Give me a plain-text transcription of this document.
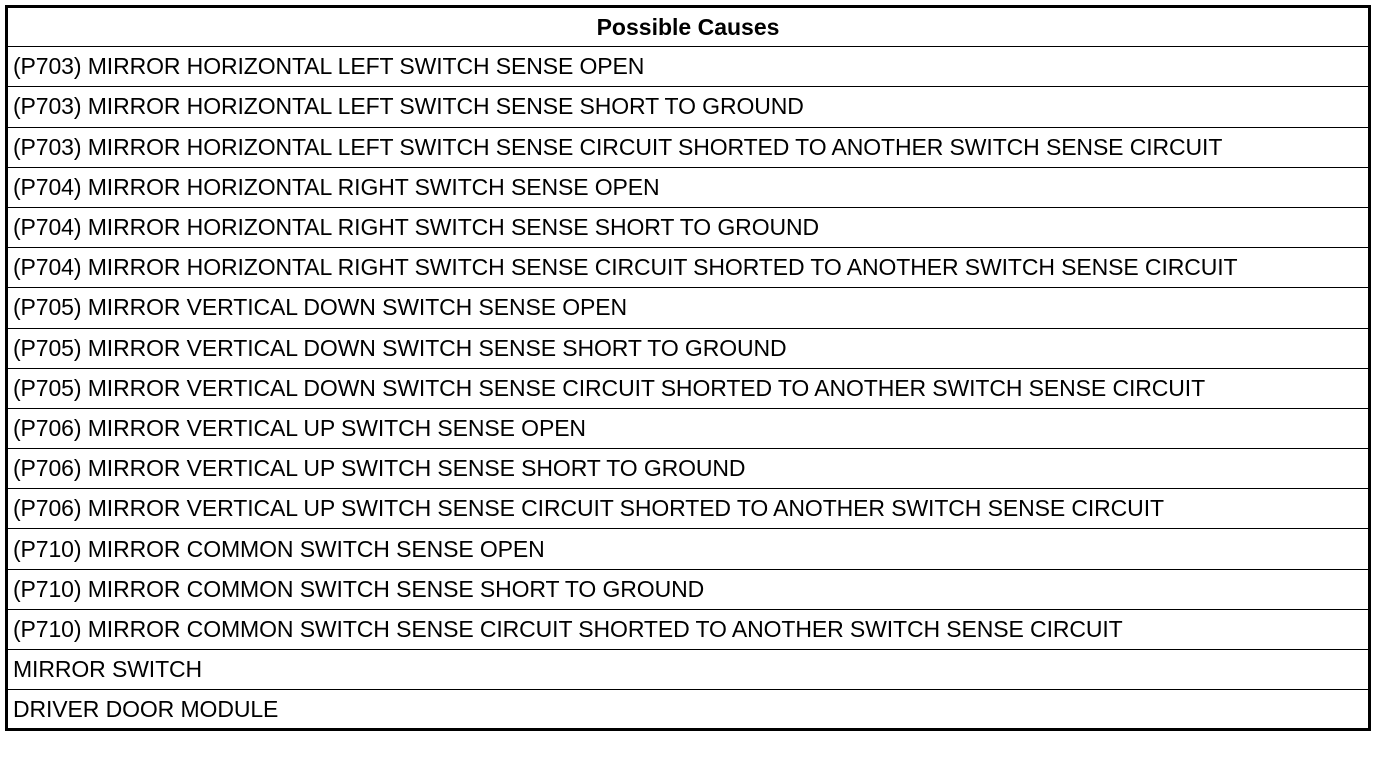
Possible Causes
(P703) MIRROR HORIZONTAL LEFT SWITCH SENSE OPEN
(P703) MIRROR HORIZONTAL LEFT SWITCH SENSE SHORT TO GROUND
(P703) MIRROR HORIZONTAL LEFT SWITCH SENSE CIRCUIT SHORTED TO ANOTHER SWITCH SENSE CIRCUIT
(P704) MIRROR HORIZONTAL RIGHT SWITCH SENSE OPEN
(P704) MIRROR HORIZONTAL RIGHT SWITCH SENSE SHORT TO GROUND
(P704) MIRROR HORIZONTAL RIGHT SWITCH SENSE CIRCUIT SHORTED TO ANOTHER SWITCH SENSE CIRCUIT
(P705) MIRROR VERTICAL DOWN SWITCH SENSE OPEN
(P705) MIRROR VERTICAL DOWN SWITCH SENSE SHORT TO GROUND
(P705) MIRROR VERTICAL DOWN SWITCH SENSE CIRCUIT SHORTED TO ANOTHER SWITCH SENSE CIRCUIT
(P706) MIRROR VERTICAL UP SWITCH SENSE OPEN
(P706) MIRROR VERTICAL UP SWITCH SENSE SHORT TO GROUND
(P706) MIRROR VERTICAL UP SWITCH SENSE CIRCUIT SHORTED TO ANOTHER SWITCH SENSE CIRCUIT
(P710) MIRROR COMMON SWITCH SENSE OPEN
(P710) MIRROR COMMON SWITCH SENSE SHORT TO GROUND
(P710) MIRROR COMMON SWITCH SENSE CIRCUIT SHORTED TO ANOTHER SWITCH SENSE CIRCUIT
MIRROR SWITCH
DRIVER DOOR MODULE
